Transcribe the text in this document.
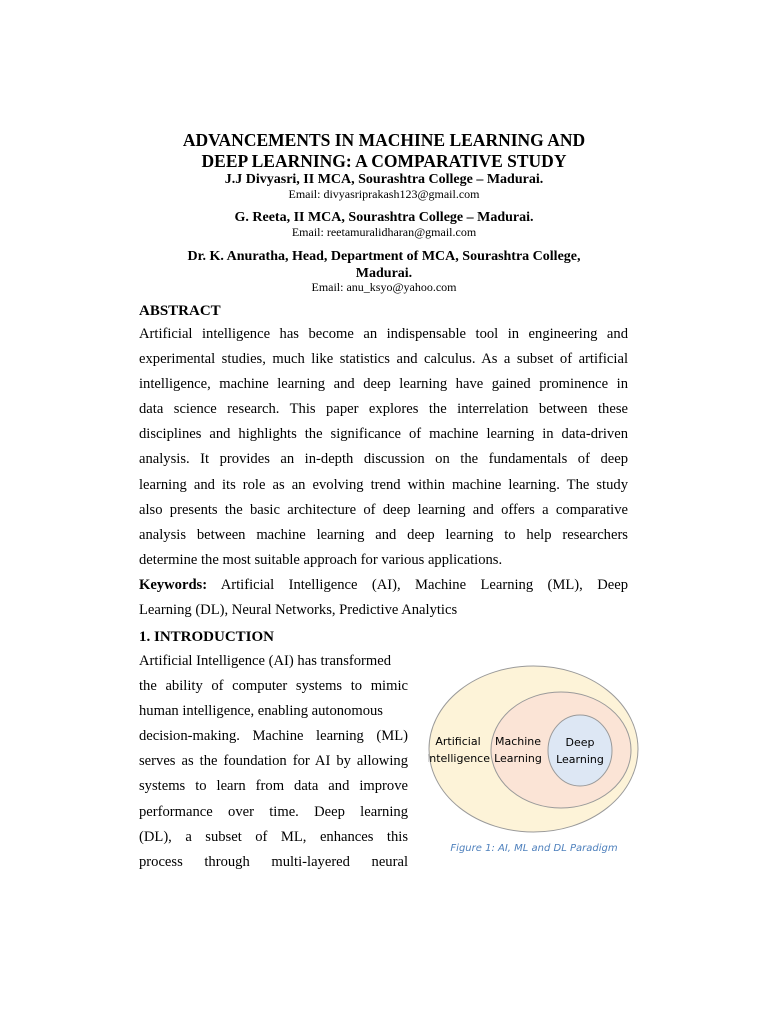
ADVANCEMENTS IN MACHINE LEARNING AND
DEEP LEARNING: A COMPARATIVE STUDY
J.J Divyasri, II MCA, Sourashtra College – Madurai.
Email: divyasriprakash123@gmail.com
G. Reeta, II MCA, Sourashtra College – Madurai.
Email: reetamuralidharan@gmail.com
Dr. K. Anuratha, Head, Department of MCA, Sourashtra College,
Madurai.
Email: anu_ksyo@yahoo.com
ABSTRACT
Artificial intelligence has become an indispensable tool in engineering and
experimental studies, much like statistics and calculus. As a subset of artificial
intelligence, machine learning and deep learning have gained prominence in
data science research. This paper explores the interrelation between these
disciplines and highlights the significance of machine learning in data-driven
analysis. It provides an in-depth discussion on the fundamentals of deep
learning and its role as an evolving trend within machine learning. The study
also presents the basic architecture of deep learning and offers a comparative
analysis between machine learning and deep learning to help researchers
determine the most suitable approach for various applications.
Keywords: Artificial Intelligence (AI), Machine Learning (ML), Deep
Learning (DL), Neural Networks, Predictive Analytics
1. INTRODUCTION
Artificial Intelligence (AI) has transformed
the ability of computer systems to mimic
human intelligence, enabling autonomous
decision-making. Machine learning (ML)
serves as the foundation for AI by allowing
systems to learn from data and improve
performance over time. Deep learning
(DL), a subset of ML, enhances this
process through multi-layered neural
Artificial
Intelligence
Machine
Learning
Deep
Learning
Figure 1: AI, ML and DL Paradigm
